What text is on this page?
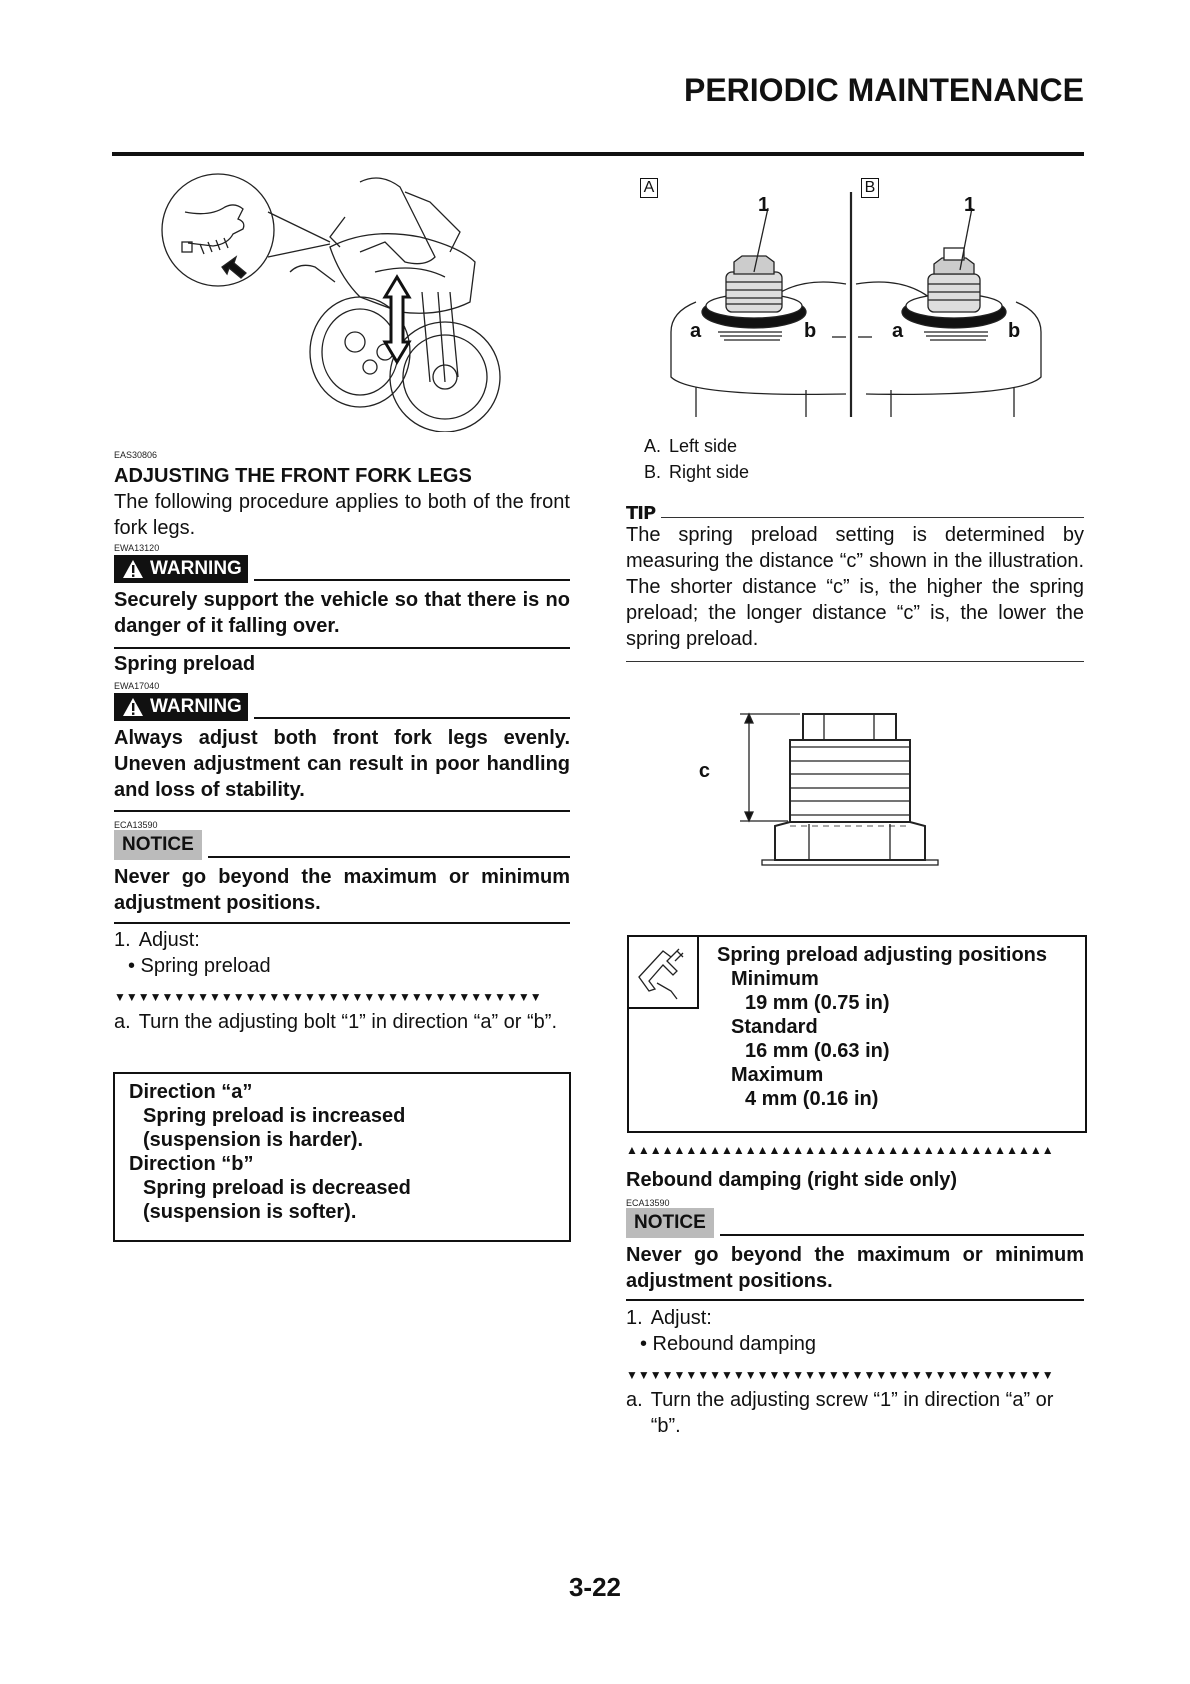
PERIODIC MAINTENANCE
EAS30806
ADJUSTING THE FRONT FORK LEGS
The following procedure applies to both of the front fork legs.
EWA13120
WARNING
Securely support the vehicle so that there is no danger of it falling over.
Spring preload
EWA17040
WARNING
Always adjust both front fork legs evenly. Uneven adjustment can result in poor handling and loss of stability.
ECA13590
NOTICE
Never go beyond the maximum or minimum adjustment positions.
1. Adjust:
• Spring preload
▼▼▼▼▼▼▼▼▼▼▼▼▼▼▼▼▼▼▼▼▼▼▼▼▼▼▼▼▼▼▼▼▼▼▼▼
a. Turn the adjusting bolt “1” in direction “a” or “b”.
Direction “a”
Spring preload is increased (suspension is harder).
Direction “b”
Spring preload is decreased (suspension is softer).
A	B
1	1
a	b	a	b
A. Left side
B. Right side
TIP
The spring preload setting is determined by measuring the distance “c” shown in the illustration. The shorter distance “c” is, the higher the spring preload; the longer distance “c” is, the lower the spring preload.
c
Spring preload adjusting positions
Minimum
19 mm (0.75 in)
Standard
16 mm (0.63 in)
Maximum
4 mm (0.16 in)
▲▲▲▲▲▲▲▲▲▲▲▲▲▲▲▲▲▲▲▲▲▲▲▲▲▲▲▲▲▲▲▲▲▲▲▲
Rebound damping (right side only)
ECA13590
NOTICE
Never go beyond the maximum or minimum adjustment positions.
1. Adjust:
• Rebound damping
▼▼▼▼▼▼▼▼▼▼▼▼▼▼▼▼▼▼▼▼▼▼▼▼▼▼▼▼▼▼▼▼▼▼▼▼
a. Turn the adjusting screw “1” in direction “a” or “b”.
3-22
